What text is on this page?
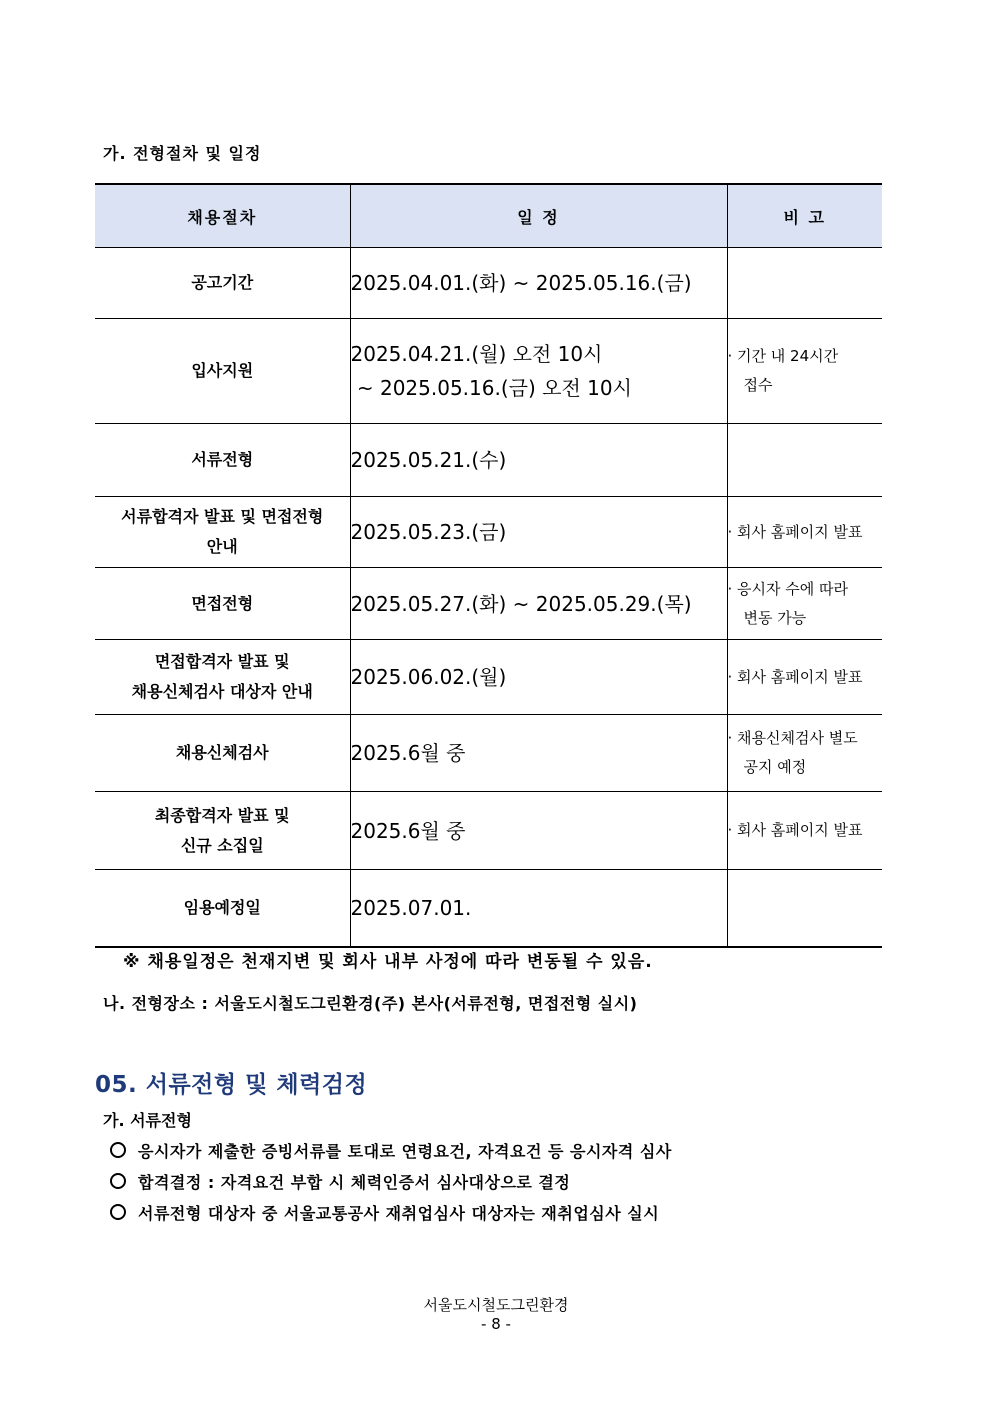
가. 전형절차 및 일정
채용절차	일 정	비 고

공고기간	2025.04.01.(화) ~ 2025.05.16.(금)	

입사지원	2025.04.21.(월) 오전 10시
~ 2025.05.16.(금) 오전 10시	· 기간 내 24시간
접수

서류전형	2025.05.21.(수)	

서류합격자 발표 및 면접전형
안내	2025.05.23.(금)	· 회사 홈페이지 발표

면접전형	2025.05.27.(화) ~ 2025.05.29.(목)	· 응시자 수에 따라
변동 가능

면접합격자 발표 및
채용신체검사 대상자 안내	2025.06.02.(월)	· 회사 홈페이지 발표

채용신체검사	2025.6월 중	· 채용신체검사 별도
공지 예정

최종합격자 발표 및
신규 소집일	2025.6월 중	· 회사 홈페이지 발표

임용예정일	2025.07.01.	

※ 채용일정은 천재지변 및 회사 내부 사정에 따라 변동될 수 있음.
나. 전형장소 : 서울도시철도그린환경(주) 본사(서류전형, 면접전형 실시)
05. 서류전형 및 체력검정
가. 서류전형
응시자가 제출한 증빙서류를 토대로 연령요건, 자격요건 등 응시자격 심사
합격결정 : 자격요건 부합 시 체력인증서 심사대상으로 결정
서류전형 대상자 중 서울교통공사 재취업심사 대상자는 재취업심사 실시
서울도시철도그린환경
- 8 -
